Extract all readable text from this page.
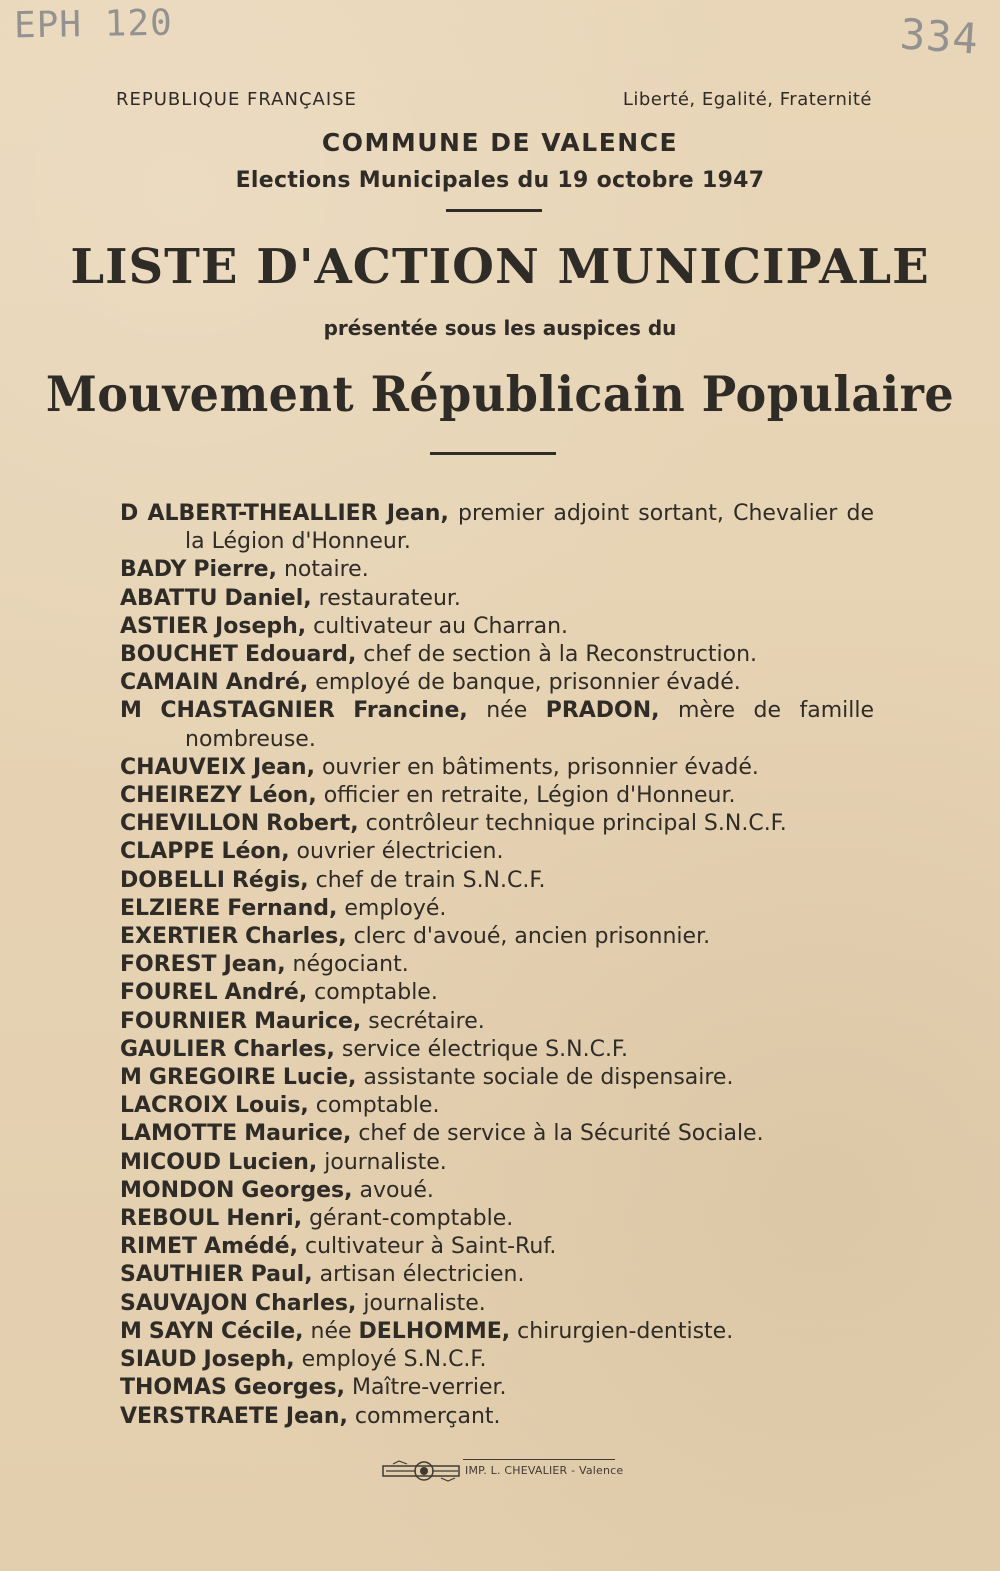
EPH 120	334
REPUBLIQUE FRANÇAISE	Liberté, Egalité, Fraternité
COMMUNE DE VALENCE
Elections Municipales du 19 octobre 1947
LISTE D'ACTION MUNICIPALE
présentée sous les auspices du
Mouvement Républicain Populaire
D ALBERT-THEALLIER Jean, premier adjoint sortant, Chevalier de la Légion d'Honneur.
BADY Pierre, notaire.
ABATTU Daniel, restaurateur.
ASTIER Joseph, cultivateur au Charran.
BOUCHET Edouard, chef de section à la Reconstruction.
CAMAIN André, employé de banque, prisonnier évadé.
M CHASTAGNIER Francine, née PRADON, mère de famille nombreuse.
CHAUVEIX Jean, ouvrier en bâtiments, prisonnier évadé.
CHEIREZY Léon, officier en retraite, Légion d'Honneur.
CHEVILLON Robert, contrôleur technique principal S.N.C.F.
CLAPPE Léon, ouvrier électricien.
DOBELLI Régis, chef de train S.N.C.F.
ELZIERE Fernand, employé.
EXERTIER Charles, clerc d'avoué, ancien prisonnier.
FOREST Jean, négociant.
FOUREL André, comptable.
FOURNIER Maurice, secrétaire.
GAULIER Charles, service électrique S.N.C.F.
M GREGOIRE Lucie, assistante sociale de dispensaire.
LACROIX Louis, comptable.
LAMOTTE Maurice, chef de service à la Sécurité Sociale.
MICOUD Lucien, journaliste.
MONDON Georges, avoué.
REBOUL Henri, gérant-comptable.
RIMET Amédé, cultivateur à Saint-Ruf.
SAUTHIER Paul, artisan électricien.
SAUVAJON Charles, journaliste.
M SAYN Cécile, née DELHOMME, chirurgien-dentiste.
SIAUD Joseph, employé S.N.C.F.
THOMAS Georges, Maître-verrier.
VERSTRAETE Jean, commerçant.
IMP. L. CHEVALIER - Valence
